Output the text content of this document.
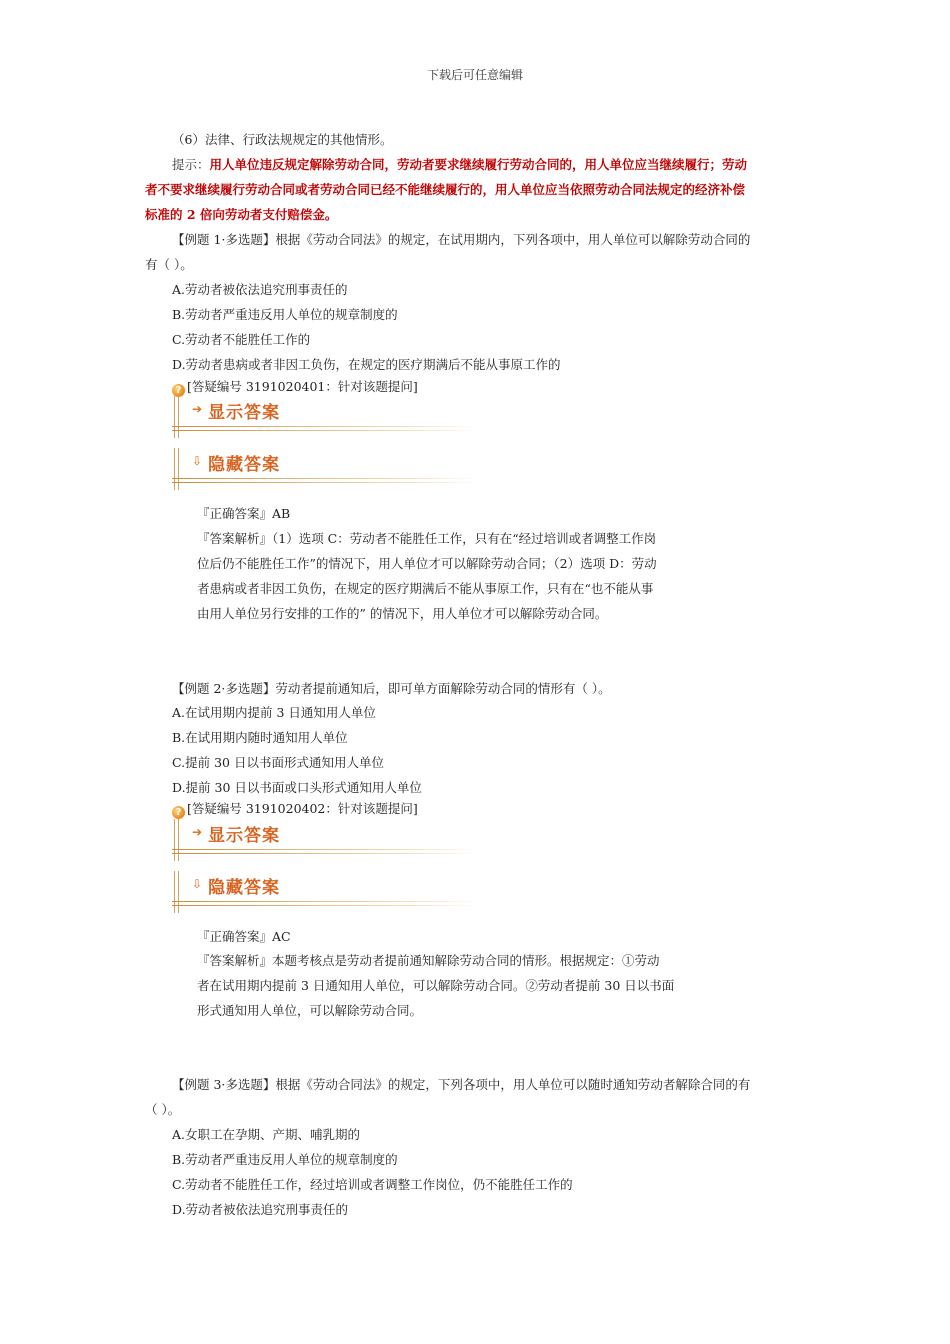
下载后可任意编辑
（6）法律、行政法规规定的其他情形。
提示：用人单位违反规定解除劳动合同，劳动者要求继续履行劳动合同的，用人单位应当继续履行；劳动
者不要求继续履行劳动合同或者劳动合同已经不能继续履行的，用人单位应当依照劳动合同法规定的经济补偿
标准的 2 倍向劳动者支付赔偿金。
【例题 1·多选题】根据《劳动合同法》的规定，在试用期内，下列各项中，用人单位可以解除劳动合同的
有（ ）。
A.劳动者被依法追究刑事责任的
B.劳动者严重违反用人单位的规章制度的
C.劳动者不能胜任工作的
D.劳动者患病或者非因工负伤，在规定的医疗期满后不能从事原工作的
? [答疑编号 3191020401：针对该题提问]
➔ 显示答案
⇩ 隐藏答案
『正确答案』AB
『答案解析』（1）选项 C：劳动者不能胜任工作，只有在“经过培训或者调整工作岗
位后仍不能胜任工作”的情况下，用人单位才可以解除劳动合同；（2）选项 D：劳动
者患病或者非因工负伤，在规定的医疗期满后不能从事原工作，只有在“也不能从事
由用人单位另行安排的工作的” 的情况下，用人单位才可以解除劳动合同。
【例题 2·多选题】劳动者提前通知后，即可单方面解除劳动合同的情形有（ ）。
A.在试用期内提前 3 日通知用人单位
B.在试用期内随时通知用人单位
C.提前 30 日以书面形式通知用人单位
D.提前 30 日以书面或口头形式通知用人单位
? [答疑编号 3191020402：针对该题提问]
➔ 显示答案
⇩ 隐藏答案
『正确答案』AC
『答案解析』本题考核点是劳动者提前通知解除劳动合同的情形。根据规定：①劳动
者在试用期内提前 3 日通知用人单位，可以解除劳动合同。②劳动者提前 30 日以书面
形式通知用人单位，可以解除劳动合同。
【例题 3·多选题】根据《劳动合同法》的规定，下列各项中，用人单位可以随时通知劳动者解除合同的有
（ ）。
A.女职工在孕期、产期、哺乳期的
B.劳动者严重违反用人单位的规章制度的
C.劳动者不能胜任工作，经过培训或者调整工作岗位，仍不能胜任工作的
D.劳动者被依法追究刑事责任的
